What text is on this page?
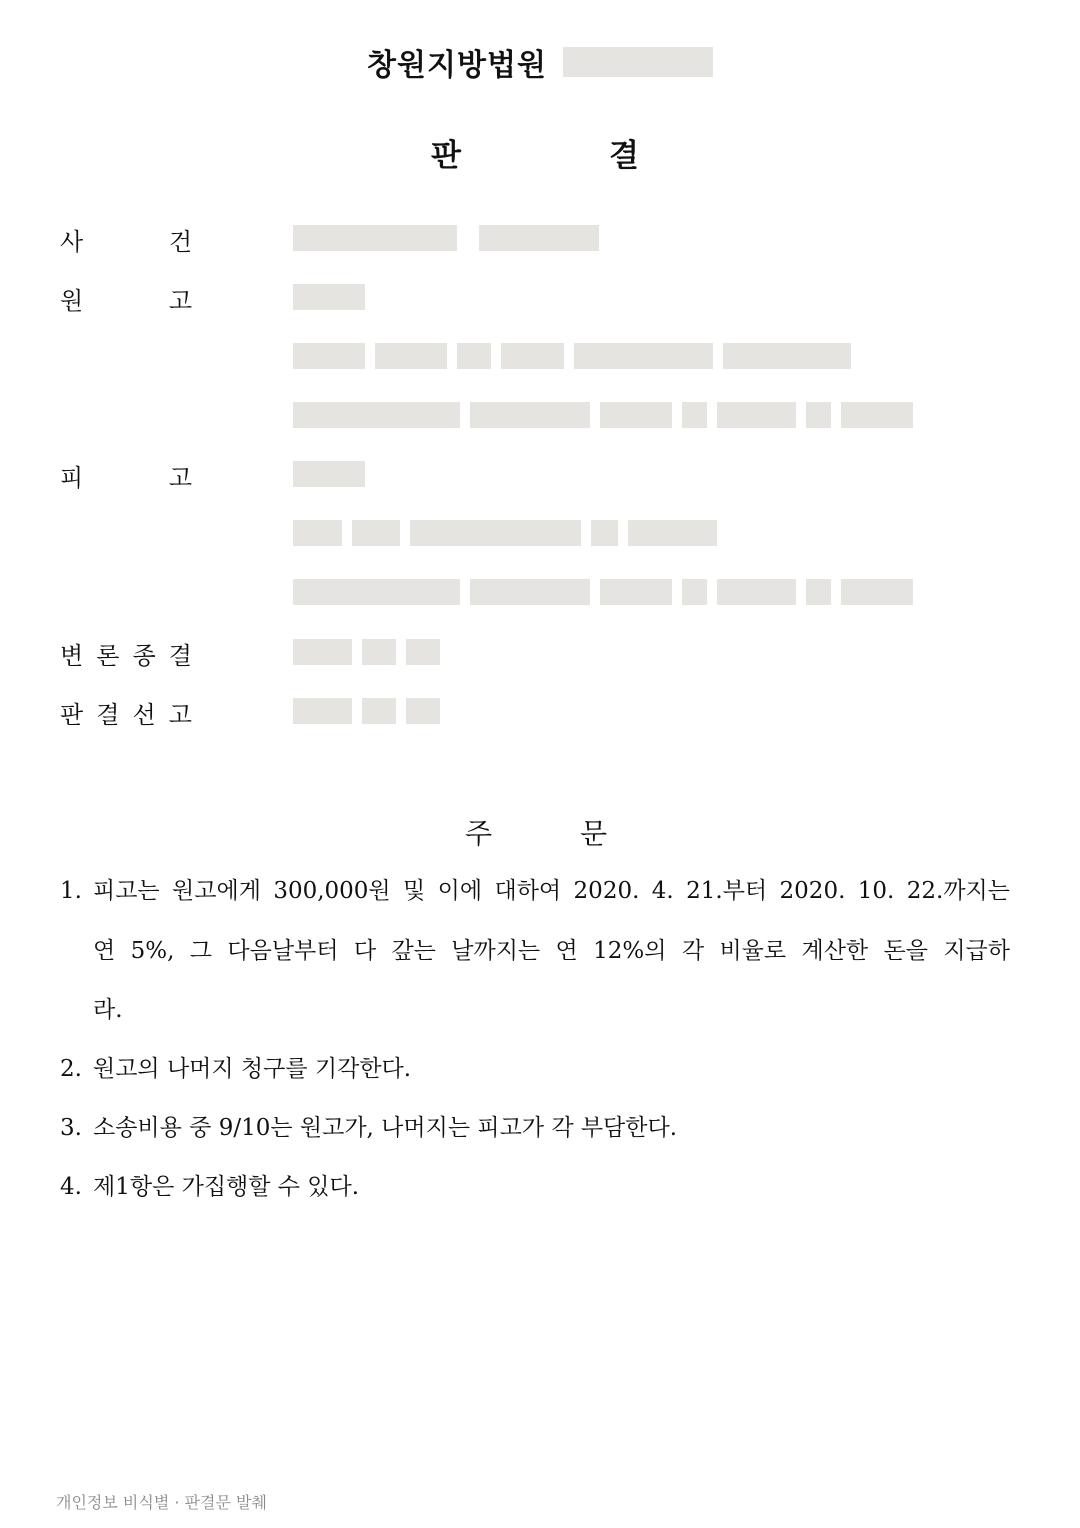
창원지방법원
판	결
사	건
원	고
피	고
변 론 종 결
판 결 선 고
주	문
1. 피고는 원고에게 300,000원 및 이에 대하여 2020. 4. 21.부터 2020. 10. 22.까지는
연 5%, 그 다음날부터 다 갚는 날까지는 연 12%의 각 비율로 계산한 돈을 지급하
라.
2. 원고의 나머지 청구를 기각한다.
3. 소송비용 중 9/10는 원고가, 나머지는 피고가 각 부담한다.
4. 제1항은 가집행할 수 있다.
개인정보 비식별 · 판결문 발췌
